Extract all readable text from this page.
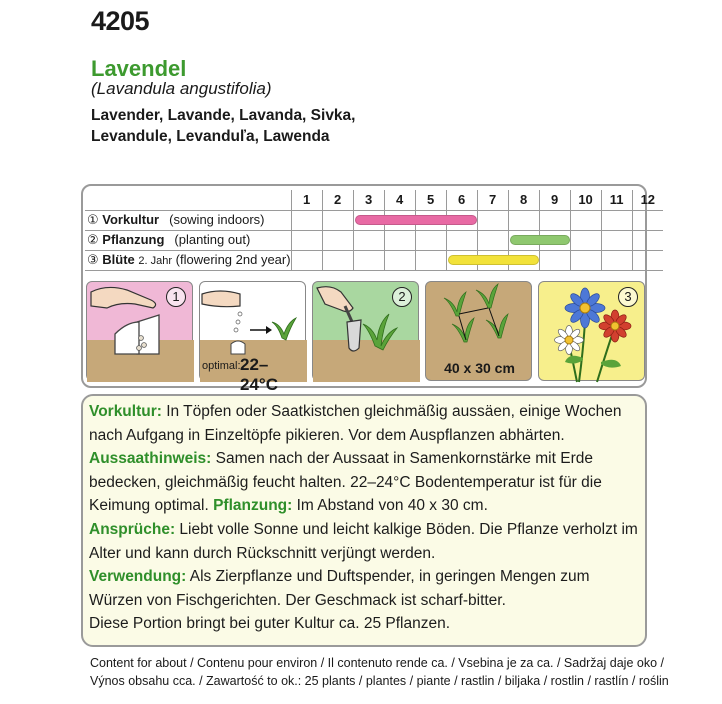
4205
Lavendel
(Lavandula angustifolia)
Lavender, Lavande, Lavanda, Sivka,
Levandule, Levanduľa, Lawenda
	1	2	3	4	5	6	7	8	9	10	11	12
① Vorkultur (sowing indoors)												
② Pflanzung (planting out)												
③ Blüte 2. Jahr (flowering 2nd year)												
1
optimal: 22–24°C
2
40 x 30 cm
3
Vorkultur: In Töpfen oder Saatkistchen gleichmäßig aussäen, einige Wochen nach Aufgang in Einzeltöpfe pikieren. Vor dem Auspflanzen abhärten.
Aussaathinweis: Samen nach der Aussaat in Samenkornstärke mit Erde bedecken, gleichmäßig feucht halten. 22–24°C Bodentemperatur ist für die Keimung optimal. Pflanzung: Im Abstand von 40 x 30 cm.
Ansprüche: Liebt volle Sonne und leicht kalkige Böden. Die Pflanze verholzt im Alter und kann durch Rückschnitt verjüngt werden.
Verwendung: Als Zierpflanze und Duftspender, in geringen Mengen zum Würzen von Fischgerichten. Der Geschmack ist scharf-bitter.
Diese Portion bringt bei guter Kultur ca. 25 Pflanzen.
Content for about / Contenu pour environ / Il contenuto rende ca. / Vsebina je za ca. / Sadržaj daje oko /
Výnos obsahu cca. / Zawartość to ok.: 25 plants / plantes / piante / rastlin / biljaka / rostlin / rastlín / roślin
